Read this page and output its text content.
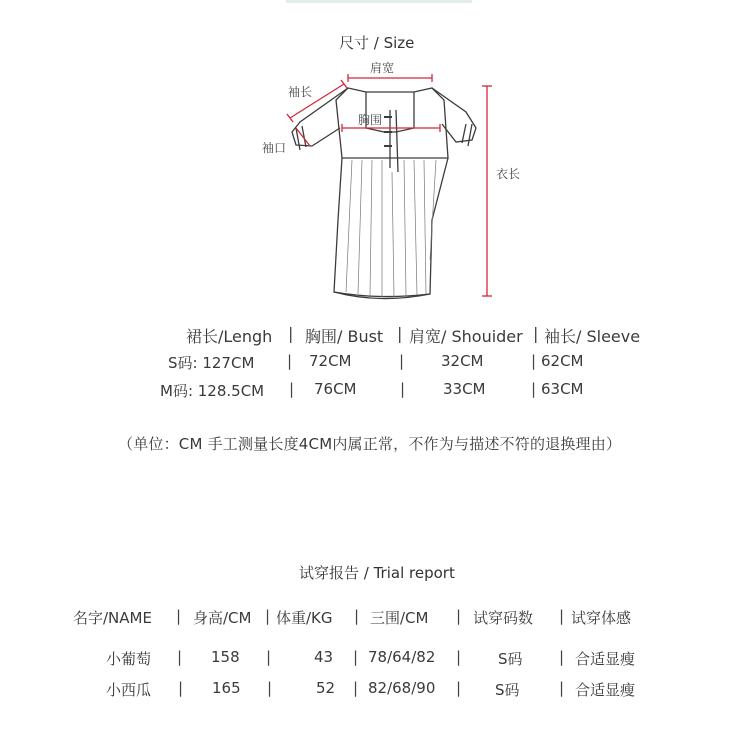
尺寸 / Size
肩宽
袖长
胸围
袖口
衣长
裙长/Lengh | 胸围/ Bust | 肩宽/ Shouider | 袖长/ Sleeve
S码: 127CM | 72CM	| 32CM	| 62CM
M码: 128.5CM | 76CM	|	33CM	| 63CM
（单位：CM 手工测量长度4CM内属正常，不作为与描述不符的退换理由）
试穿报告 / Trial report
名字/NAME | 身高/CM | 体重/KG | 三围/CM | 试穿码数 | 试穿体感
小葡萄 | 158 |	43 | 78/64/82 | S码 | 合适显瘦
小西瓜 | 165 |	52 | 82/68/90 | S码	| 合适显瘦
